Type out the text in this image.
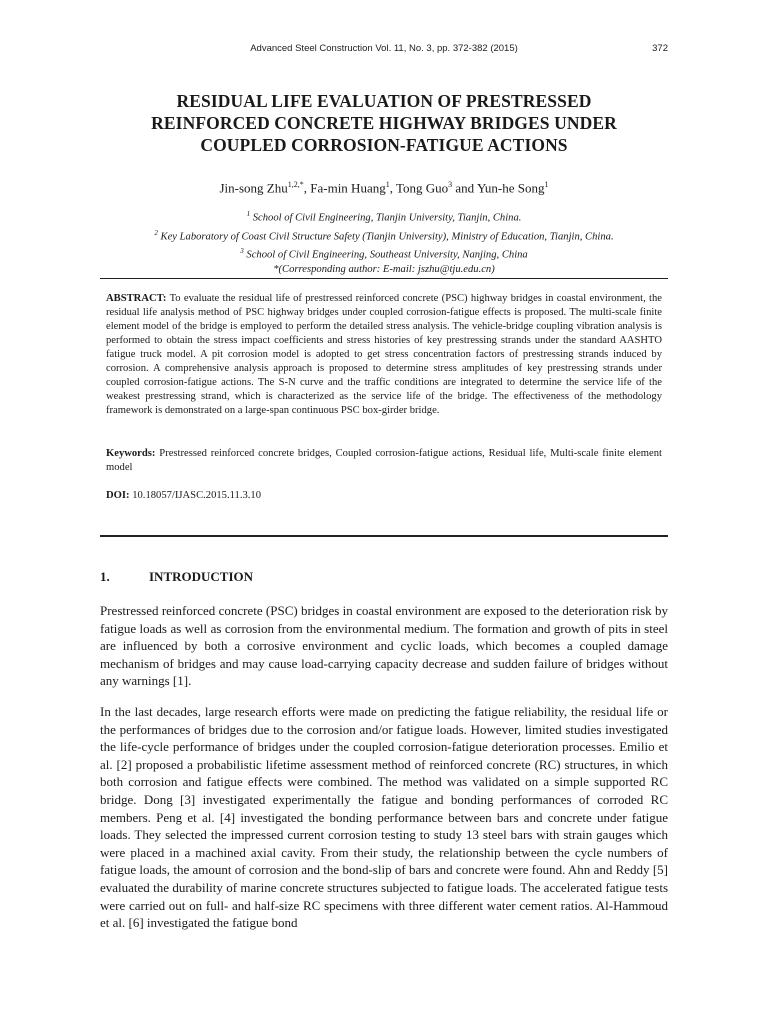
Advanced Steel Construction Vol. 11, No. 3, pp. 372-382 (2015)	372
RESIDUAL LIFE EVALUATION OF PRESTRESSED
REINFORCED CONCRETE HIGHWAY BRIDGES UNDER
COUPLED CORROSION-FATIGUE ACTIONS
Jin-song Zhu$^{1,2,*}$, Fa-min Huang$^1$, Tong Guo$^3$ and Yun-he Song$^1$
$^1$ School of Civil Engineering, Tianjin University, Tianjin, China.
$^2$ Key Laboratory of Coast Civil Structure Safety (Tianjin University), Ministry of Education, Tianjin, China.
$^3$ School of Civil Engineering, Southeast University, Nanjing, China
*(Corresponding author: E-mail: jszhu@tju.edu.cn)
ABSTRACT: To evaluate the residual life of prestressed reinforced concrete (PSC) highway bridges in coastal environment, the residual life analysis method of PSC highway bridges under coupled corrosion-fatigue effects is proposed. The multi-scale finite element model of the bridge is employed to perform the detailed stress analysis. The vehicle-bridge coupling vibration analysis is performed to obtain the stress impact coefficients and stress histories of key prestressing strands under the standard AASHTO fatigue truck model. A pit corrosion model is adopted to get stress concentration factors of prestressing strands induced by corrosion. A comprehensive analysis approach is proposed to determine stress amplitudes of key prestressing strands under coupled corrosion-fatigue actions. The S-N curve and the traffic conditions are integrated to determine the service life of the weakest prestressing strand, which is characterized as the service life of the bridge. The effectiveness of the methodology framework is demonstrated on a large-span continuous PSC box-girder bridge.
Keywords: Prestressed reinforced concrete bridges, Coupled corrosion-fatigue actions, Residual life, Multi-scale finite element model
DOI: 10.18057/IJASC.2015.11.3.10
1.	INTRODUCTION
Prestressed reinforced concrete (PSC) bridges in coastal environment are exposed to the deterioration risk by fatigue loads as well as corrosion from the environmental medium. The formation and growth of pits in steel are influenced by both a corrosive environment and cyclic loads, which becomes a coupled damage mechanism of bridges and may cause load-carrying capacity decrease and sudden failure of bridges without any warnings [1].
In the last decades, large research efforts were made on predicting the fatigue reliability, the residual life or the performances of bridges due to the corrosion and/or fatigue loads. However, limited studies investigated the life-cycle performance of bridges under the coupled corrosion-fatigue deterioration processes. Emilio et al. [2] proposed a probabilistic lifetime assessment method of reinforced concrete (RC) structures, in which both corrosion and fatigue effects were combined. The method was validated on a simple supported RC bridge. Dong [3] investigated experimentally the fatigue and bonding performances of corroded RC members. Peng et al. [4] investigated the bonding performance between bars and concrete under fatigue loads. They selected the impressed current corrosion testing to study 13 steel bars with strain gauges which were placed in a machined axial cavity. From their study, the relationship between the cycle numbers of fatigue loads, the amount of corrosion and the bond-slip of bars and concrete were found. Ahn and Reddy [5] evaluated the durability of marine concrete structures subjected to fatigue loads. The accelerated fatigue tests were carried out on full- and half-size RC specimens with three different water cement ratios. Al-Hammoud et al. [6] investigated the fatigue bond
